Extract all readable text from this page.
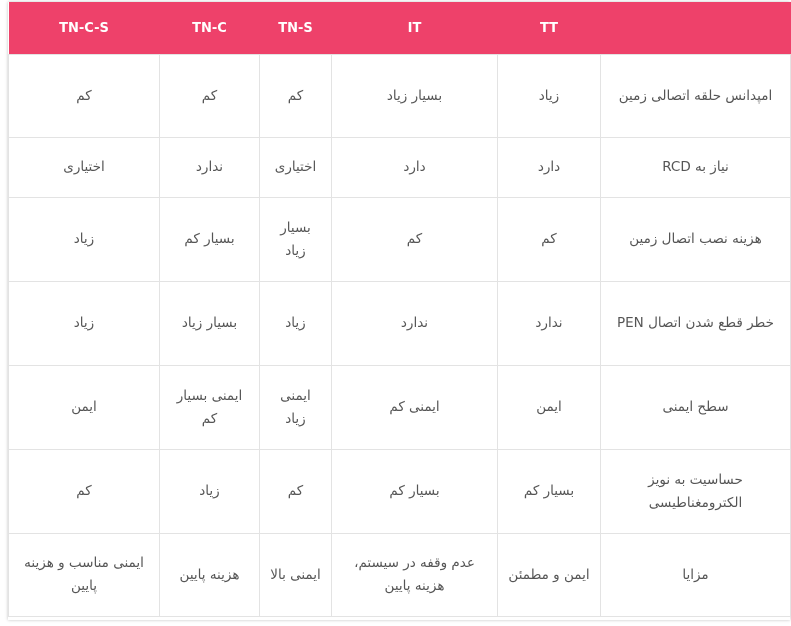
	TT	IT	TN-S	TN-C	TN-C-S
امپدانس حلقه اتصالی زمین	زیاد	بسیار زیاد	کم	کم	کم
نیاز به RCD	دارد	دارد	اختیاری	ندارد	اختیاری
هزینه نصب اتصال زمین	کم	کم	بسیار زیاد	بسیار کم	زیاد
خطر قطع شدن اتصال PEN	ندارد	ندارد	زیاد	بسیار زیاد	زیاد
سطح ایمنی	ایمن	ایمنی کم	ایمنی زیاد	ایمنی بسیار کم	ایمن
حساسیت به نویز الکترومغناطیسی	بسیار کم	بسیار کم	کم	زیاد	کم
مزایا	ایمن و مطمئن	عدم وقفه در سیستم، هزینه پایین	ایمنی بالا	هزینه پایین	ایمنی مناسب و هزینه پایین
